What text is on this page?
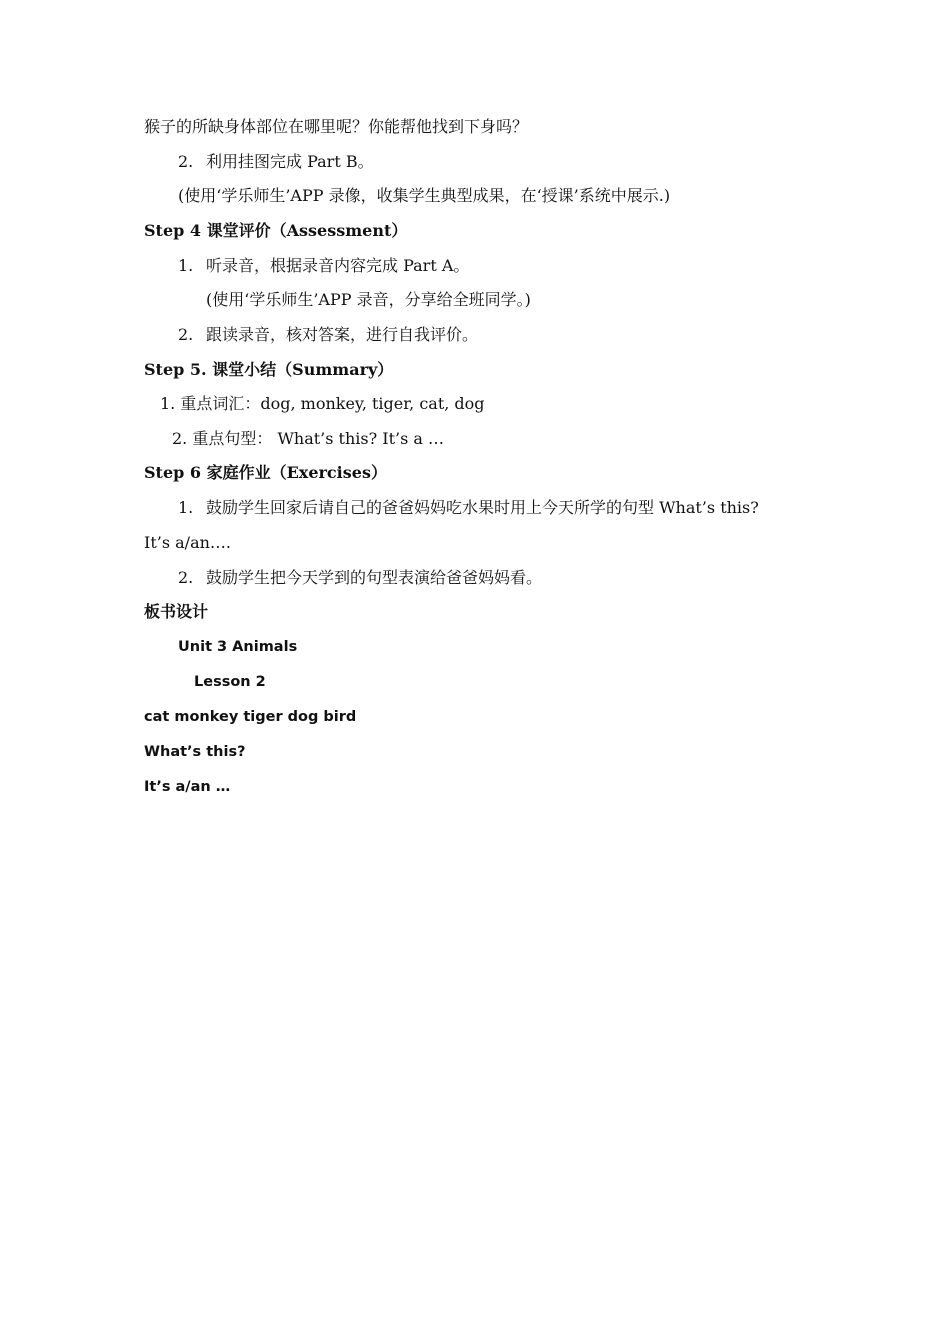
猴子的所缺身体部位在哪里呢？你能帮他找到下身吗？
2. 利用挂图完成 Part B。
(使用‘学乐师生’APP 录像，收集学生典型成果，在‘授课’系统中展示.)
Step 4 课堂评价（Assessment）
1. 听录音，根据录音内容完成 Part A。
(使用‘学乐师生’APP 录音，分享给全班同学。)
2. 跟读录音，核对答案，进行自我评价。
Step 5. 课堂小结（Summary）
1. 重点词汇：dog, monkey, tiger, cat, dog
2. 重点句型： What’s this? It’s a …
Step 6 家庭作业（Exercises）
1. 鼓励学生回家后请自己的爸爸妈妈吃水果时用上今天所学的句型 What’s this?
It’s a/an….
2. 鼓励学生把今天学到的句型表演给爸爸妈妈看。
板书设计
Unit 3 Animals
Lesson 2
cat monkey tiger dog bird
What’s this?
It’s a/an …
